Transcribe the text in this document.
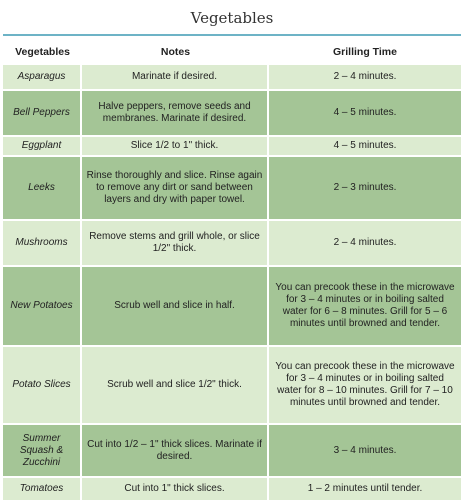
Vegetables
Vegetables	Notes	Grilling Time
Asparagus	Marinate if desired.	2 – 4 minutes.
Bell Peppers	Halve peppers, remove seeds and membranes. Marinate if desired.	4 – 5 minutes.
Eggplant	Slice 1/2 to 1" thick.	4 – 5 minutes.
Leeks	Rinse thoroughly and slice. Rinse again to remove any dirt or sand between layers and dry with paper towel.	2 – 3 minutes.
Mushrooms	Remove stems and grill whole, or slice 1/2" thick.	2 – 4 minutes.
New Potatoes	Scrub well and slice in half.	You can precook these in the microwave for 3 – 4 minutes or in boiling salted water for 6 – 8 minutes. Grill for 5 – 6 minutes until browned and tender.
Potato Slices	Scrub well and slice 1/2" thick.	You can precook these in the microwave for 3 – 4 minutes or in boiling salted water for 8 – 10 minutes. Grill for 7 – 10 minutes until browned and tender.
Summer Squash & Zucchini	Cut into 1/2 – 1" thick slices. Marinate if desired.	3 – 4 minutes.
Tomatoes	Cut into 1" thick slices.	1 – 2 minutes until tender.
